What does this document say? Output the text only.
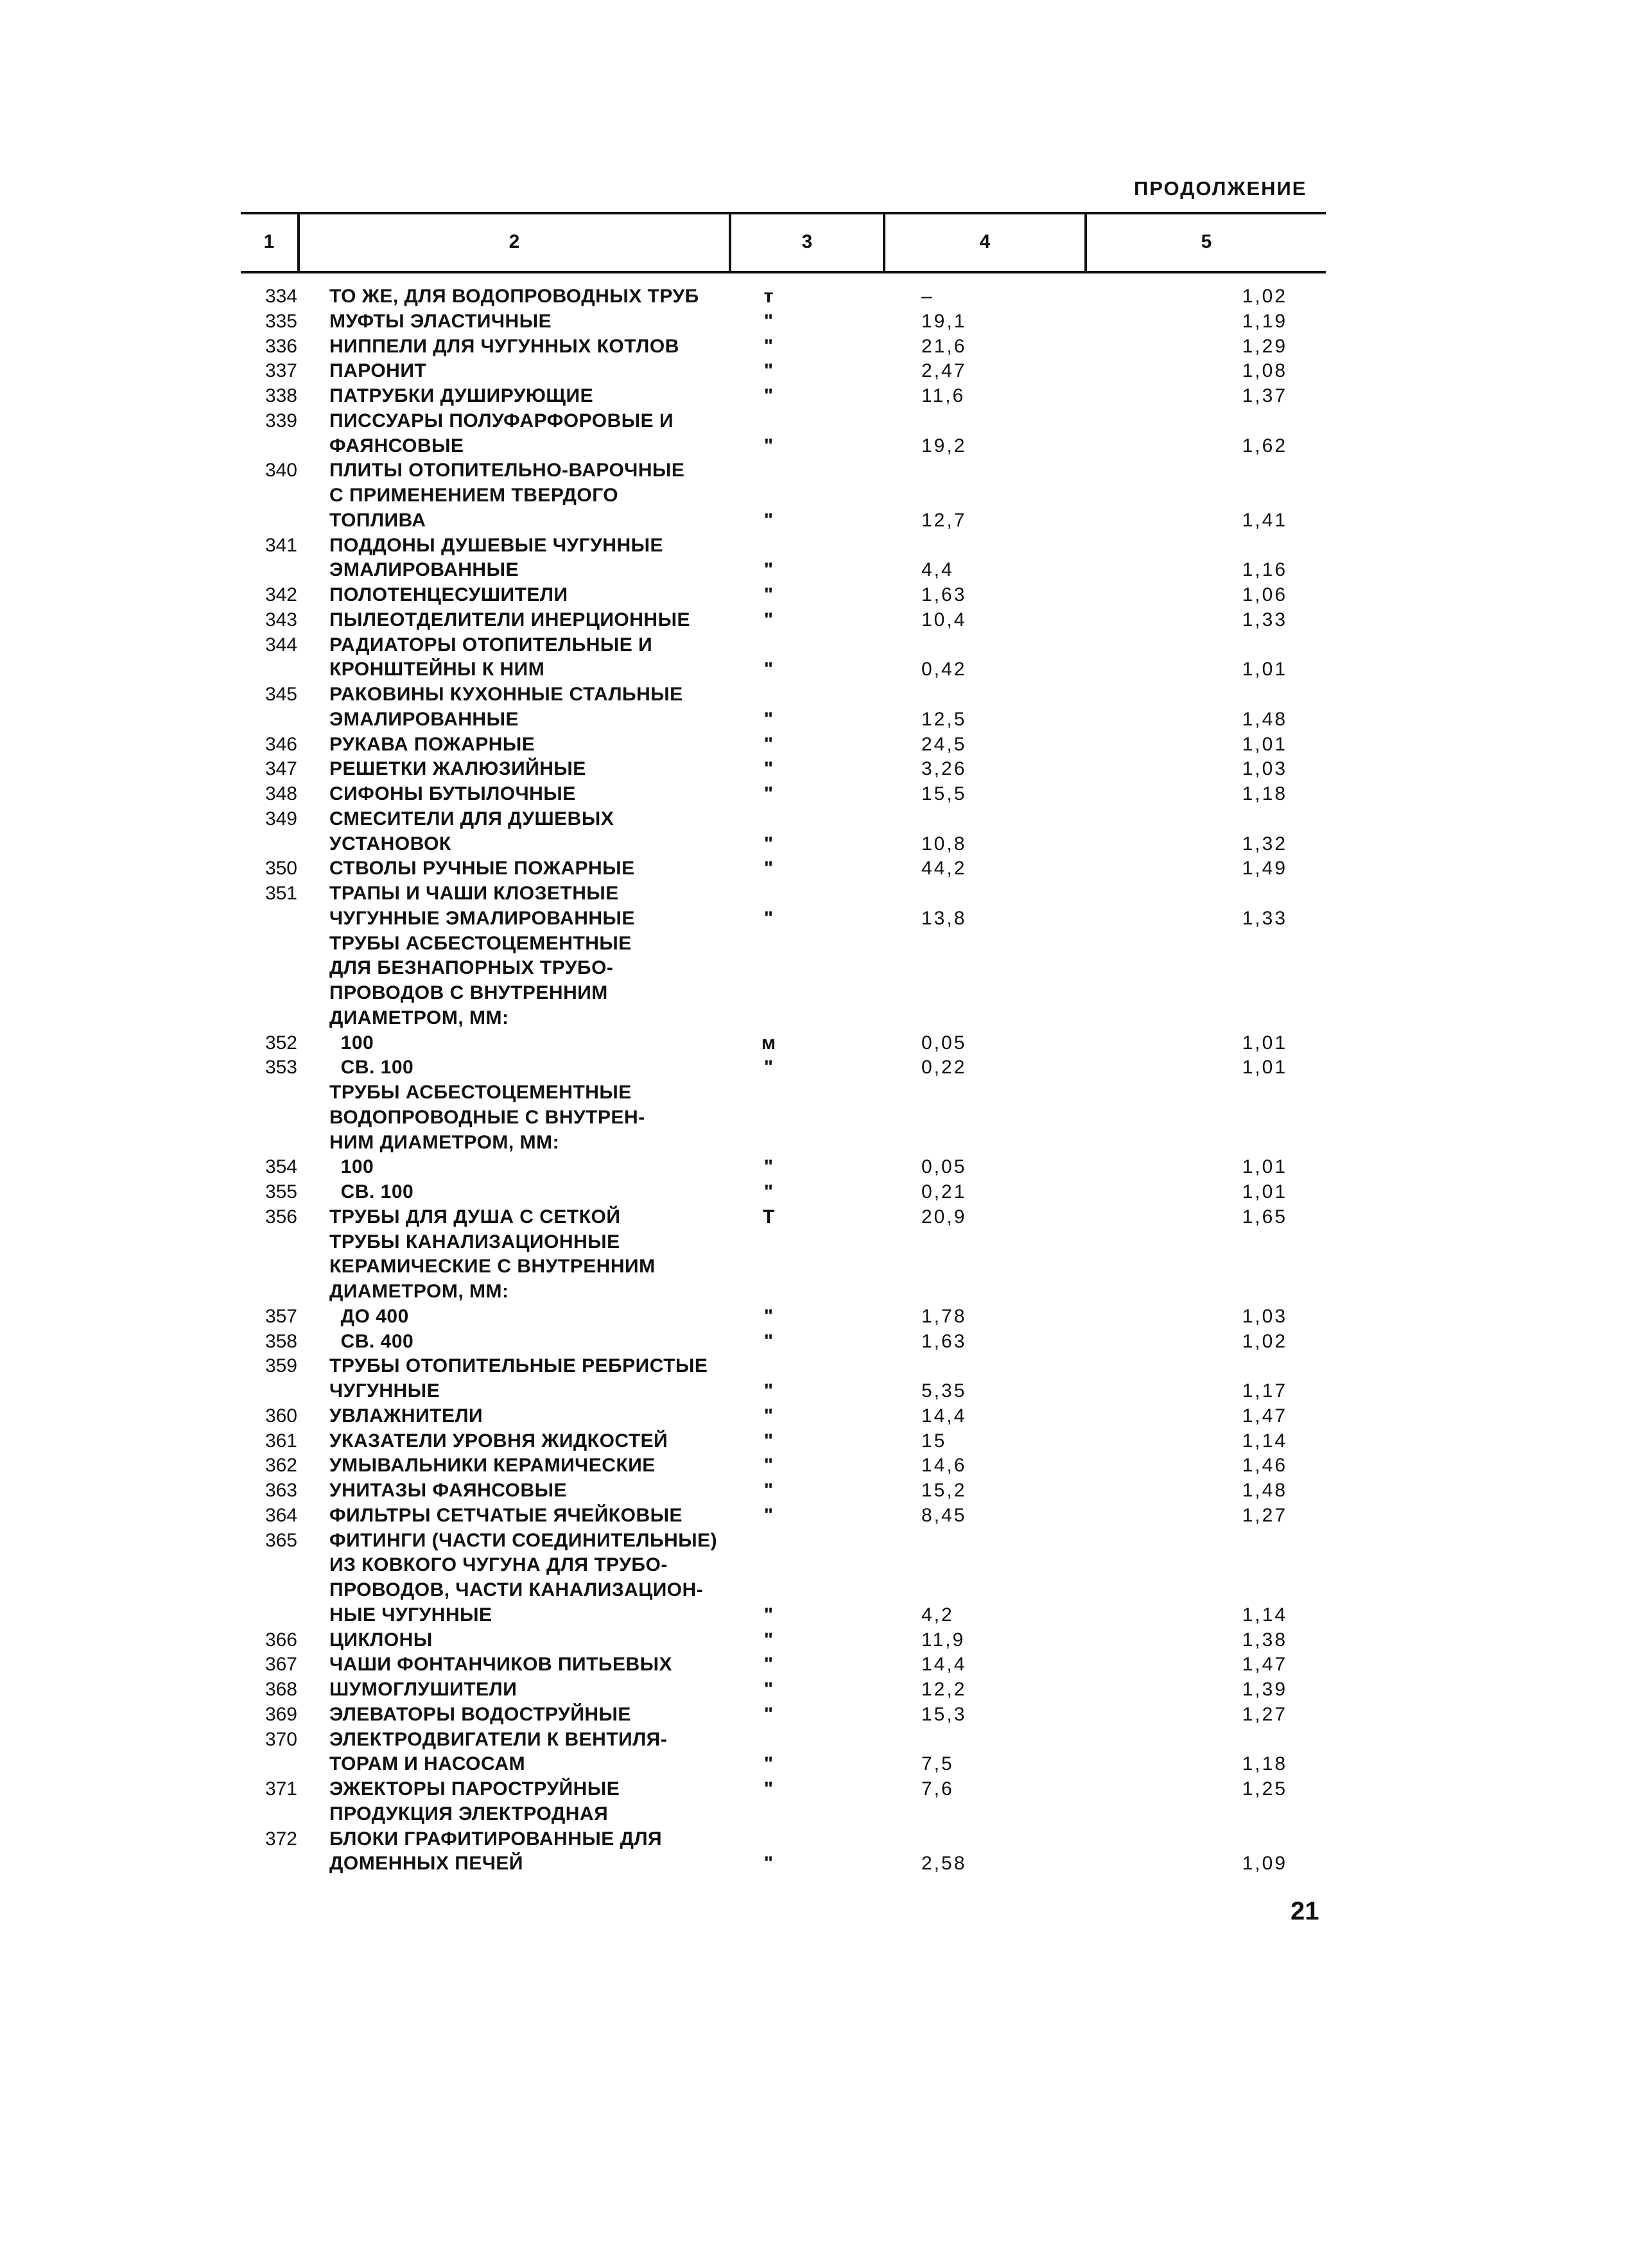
ПРОДОЛЖЕНИЕ
1	2	3	4	5
334 ТО ЖЕ, ДЛЯ ВОДОПРОВОДНЫХ ТРУБ	т	–	1,02
335 МУФТЫ ЭЛАСТИЧНЫЕ	"	19,1	1,19
336 НИППЕЛИ ДЛЯ ЧУГУННЫХ КОТЛОВ	"	21,6	1,29
337 ПАРОНИТ	"	2,47	1,08
338 ПАТРУБКИ ДУШИРУЮЩИЕ	"	11,6	1,37
339 ПИССУАРЫ ПОЛУФАРФОРОВЫЕ И
ФАЯНСОВЫЕ	"	19,2	1,62
340 ПЛИТЫ ОТОПИТЕЛЬНО-ВАРОЧНЫЕ
С ПРИМЕНЕНИЕМ ТВЕРДОГО
ТОПЛИВА	"	12,7	1,41
341 ПОДДОНЫ ДУШЕВЫЕ ЧУГУННЫЕ
ЭМАЛИРОВАННЫЕ	"	4,4	1,16
342 ПОЛОТЕНЦЕСУШИТЕЛИ	"	1,63	1,06
343 ПЫЛЕОТДЕЛИТЕЛИ ИНЕРЦИОННЫЕ	"	10,4	1,33
344 РАДИАТОРЫ ОТОПИТЕЛЬНЫЕ И
КРОНШТЕЙНЫ К НИМ	"	0,42	1,01
345 РАКОВИНЫ КУХОННЫЕ СТАЛЬНЫЕ
ЭМАЛИРОВАННЫЕ	"	12,5	1,48
346 РУКАВА ПОЖАРНЫЕ	"	24,5	1,01
347 РЕШЕТКИ ЖАЛЮЗИЙНЫЕ	"	3,26	1,03
348 СИФОНЫ БУТЫЛОЧНЫЕ	"	15,5	1,18
349 СМЕСИТЕЛИ ДЛЯ ДУШЕВЫХ
УСТАНОВОК	"	10,8	1,32
350 СТВОЛЫ РУЧНЫЕ ПОЖАРНЫЕ	"	44,2	1,49
351 ТРАПЫ И ЧАШИ КЛОЗЕТНЫЕ
ЧУГУННЫЕ ЭМАЛИРОВАННЫЕ	"	13,8	1,33
ТРУБЫ АСБЕСТОЦЕМЕНТНЫЕ
ДЛЯ БЕЗНАПОРНЫХ ТРУБО-
ПРОВОДОВ С ВНУТРЕННИМ
ДИАМЕТРОМ, ММ:
352 100	м	0,05	1,01
353 СВ. 100	"	0,22	1,01
ТРУБЫ АСБЕСТОЦЕМЕНТНЫЕ
ВОДОПРОВОДНЫЕ С ВНУТРЕН-
НИМ ДИАМЕТРОМ, ММ:
354 100	"	0,05	1,01
355 СВ. 100	"	0,21	1,01
356 ТРУБЫ ДЛЯ ДУША С СЕТКОЙ	Т	20,9	1,65
ТРУБЫ КАНАЛИЗАЦИОННЫЕ
КЕРАМИЧЕСКИЕ С ВНУТРЕННИМ
ДИАМЕТРОМ, ММ:
357 ДО 400	"	1,78	1,03
358 СВ. 400	"	1,63	1,02
359 ТРУБЫ ОТОПИТЕЛЬНЫЕ РЕБРИСТЫЕ
ЧУГУННЫЕ	"	5,35	1,17
360 УВЛАЖНИТЕЛИ	"	14,4	1,47
361 УКАЗАТЕЛИ УРОВНЯ ЖИДКОСТЕЙ	"	15	1,14
362 УМЫВАЛЬНИКИ КЕРАМИЧЕСКИЕ	"	14,6	1,46
363 УНИТАЗЫ ФАЯНСОВЫЕ	"	15,2	1,48
364 ФИЛЬТРЫ СЕТЧАТЫЕ ЯЧЕЙКОВЫЕ	"	8,45	1,27
365 ФИТИНГИ (ЧАСТИ СОЕДИНИТЕЛЬНЫЕ)
ИЗ КОВКОГО ЧУГУНА ДЛЯ ТРУБО-
ПРОВОДОВ, ЧАСТИ КАНАЛИЗАЦИОН-
НЫЕ ЧУГУННЫЕ	"	4,2	1,14
366 ЦИКЛОНЫ	"	11,9	1,38
367 ЧАШИ ФОНТАНЧИКОВ ПИТЬЕВЫХ	"	14,4	1,47
368 ШУМОГЛУШИТЕЛИ	"	12,2	1,39
369 ЭЛЕВАТОРЫ ВОДОСТРУЙНЫЕ	"	15,3	1,27
370 ЭЛЕКТРОДВИГАТЕЛИ К ВЕНТИЛЯ-
ТОРАМ И НАСОСАМ	"	7,5	1,18
371 ЭЖЕКТОРЫ ПАРОСТРУЙНЫЕ	"	7,6	1,25
ПРОДУКЦИЯ ЭЛЕКТРОДНАЯ
372 БЛОКИ ГРАФИТИРОВАННЫЕ ДЛЯ
ДОМЕННЫХ ПЕЧЕЙ	"	2,58	1,09
21
